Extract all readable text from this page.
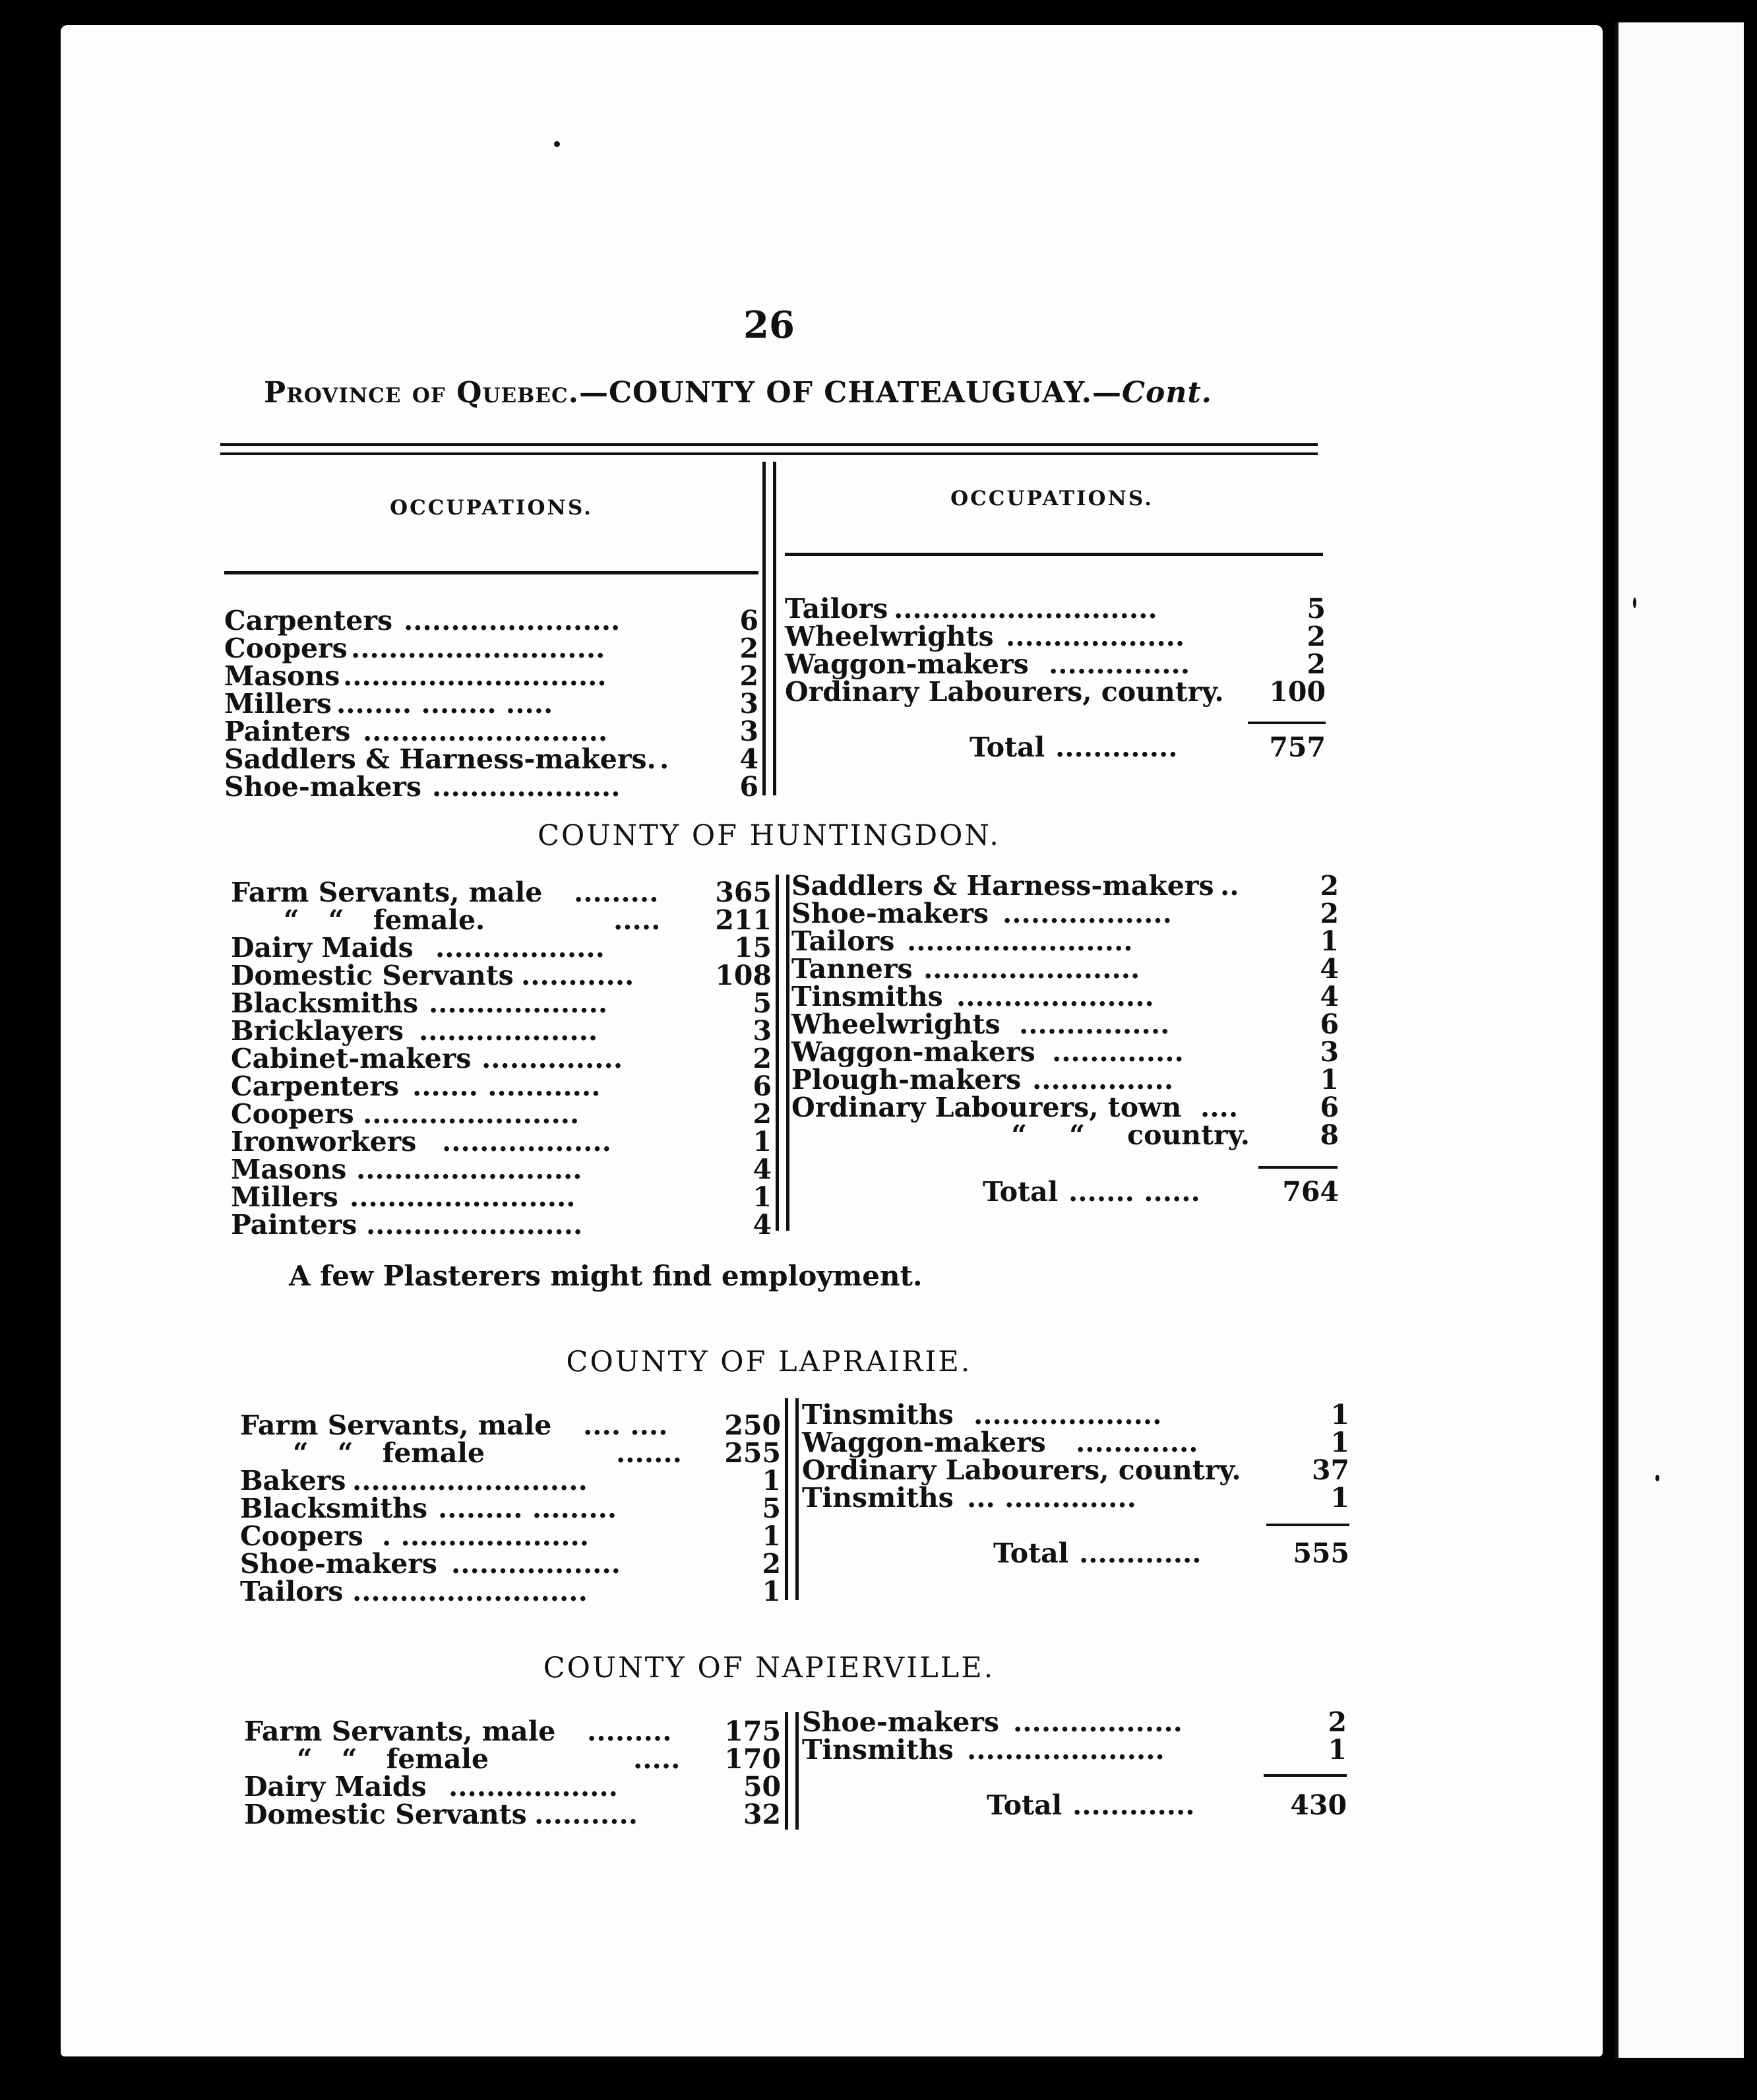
26
Province of Quebec.—COUNTY OF CHATEAUGUAY.—Cont.
OCCUPATIONS.	OCCUPATIONS.
Carpenters .......................	6
Coopers ...........................	2
Masons ............................	2
Millers ........ ........ .....	3
Painters ..........................	3
Saddlers & Harness-makers. .	4
Shoe-makers ....................	6
Tailors ............................	5
Wheelwrights ...................	2
Waggon-makers ...............	2
Ordinary Labourers, country. 100
Total .............	757
COUNTY OF HUNTINGDON.
Farm Servants, male .........	365
“ “ female.	.....	211
Dairy Maids ..................	15
Domestic Servants ............	108
Blacksmiths ...................	5
Bricklayers ...................	3
Cabinet-makers ...............	2
Carpenters ....... ............	6
Coopers .......................	2
Ironworkers ..................	1
Masons ........................	4
Millers ........................	1
Painters .......................	4
Saddlers & Harness-makers ..	2
Shoe-makers ..................	2
Tailors ........................	1
Tanners .......................	4
Tinsmiths .....................	4
Wheelwrights ................	6
Waggon-makers ..............	3
Plough-makers ...............	1
Ordinary Labourers, town ....	6
“ “ country.	8
Total ....... ......	764
A few Plasterers might find employment.
COUNTY OF LAPRAIRIE.
Farm Servants, male .... ....	250
“ “ female	.......	255
Bakers .........................	1
Blacksmiths ......... .........	5
Coopers . ....................	1
Shoe-makers ..................	2
Tailors .........................	1
Tinsmiths ....................	1
Waggon-makers .............	1
Ordinary Labourers, country.	37
Tinsmiths ... ..............	1
Total .............	555
COUNTY OF NAPIERVILLE.
Farm Servants, male .........	175
“ “ female	.....	170
Dairy Maids ..................	50
Domestic Servants ...........	32
Shoe-makers ..................	2
Tinsmiths .....................	1
Total .............	430
